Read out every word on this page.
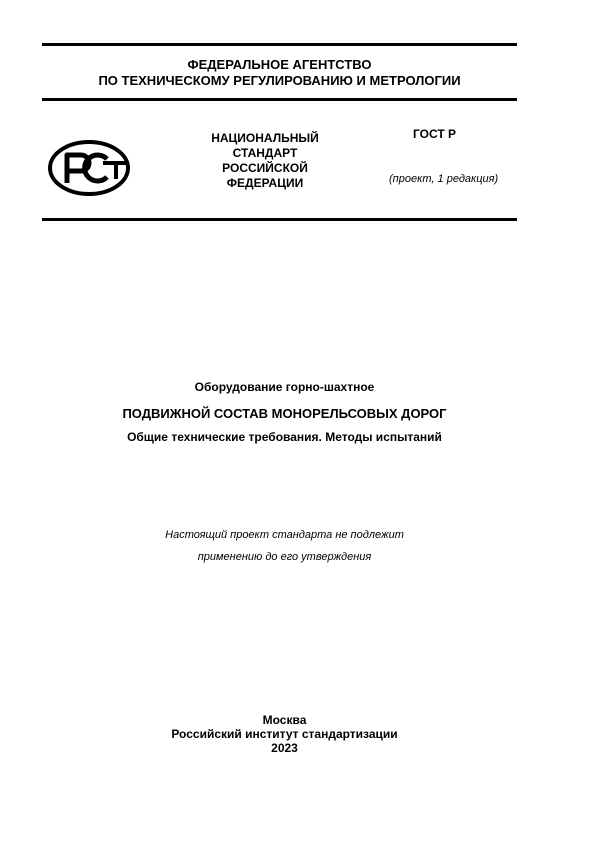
ФЕДЕРАЛЬНОЕ АГЕНТСТВО
ПО ТЕХНИЧЕСКОМУ РЕГУЛИРОВАНИЮ И МЕТРОЛОГИИ
НАЦИОНАЛЬНЫЙ
СТАНДАРТ
РОССИЙСКОЙ
ФЕДЕРАЦИИ
ГОСТ Р
(проект, 1 редакция)
Оборудование горно-шахтное
ПОДВИЖНОЙ СОСТАВ МОНОРЕЛЬСОВЫХ ДОРОГ
Общие технические требования. Методы испытаний
Настоящий проект стандарта не подлежит
применению до его утверждения
Москва
Российский институт стандартизации
2023
